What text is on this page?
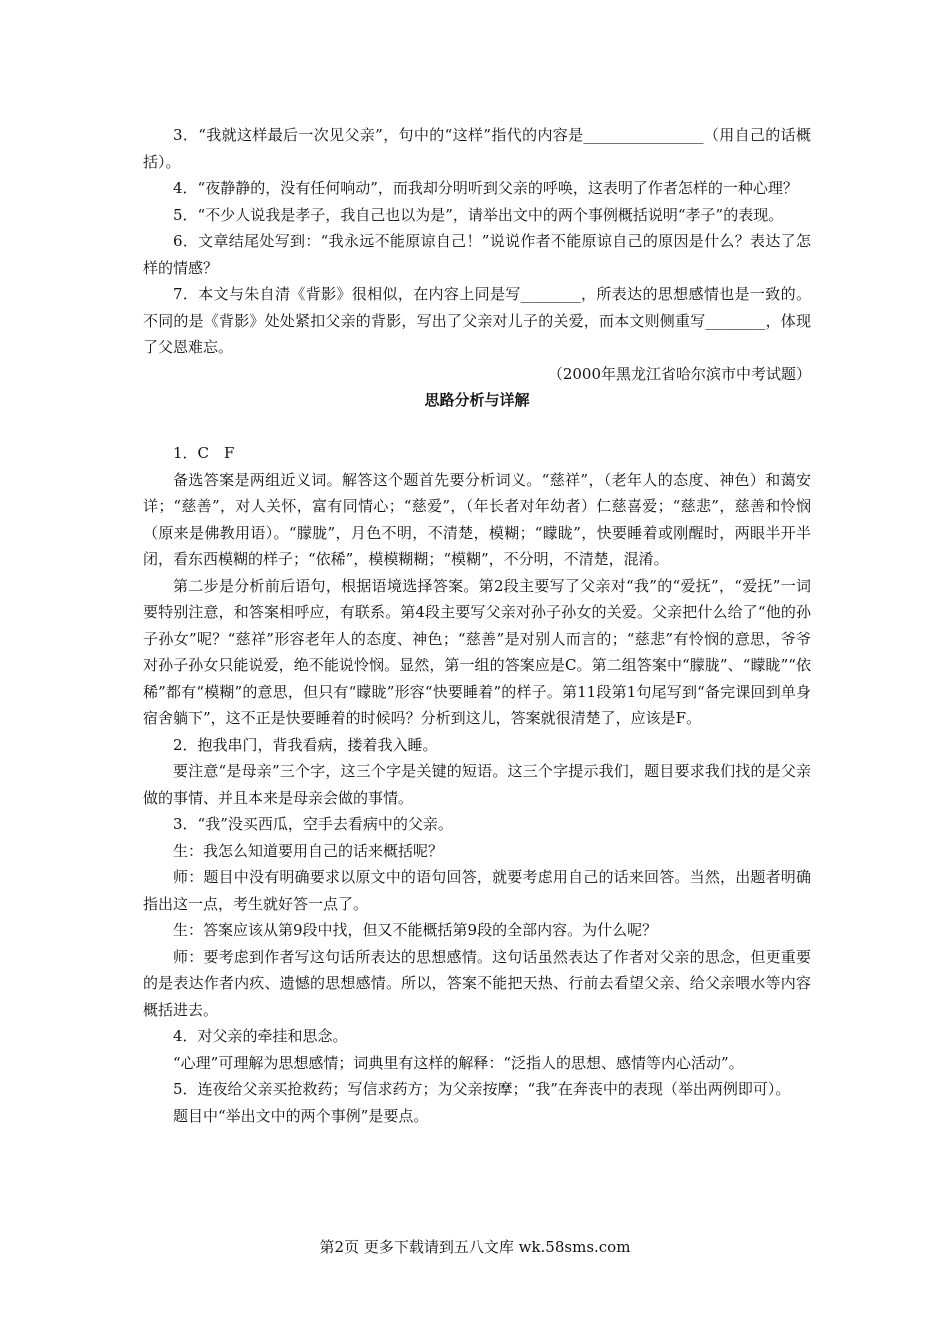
3．“我就这样最后一次见父亲”，句中的“这样”指代的内容是________________（用自己的话概括）。

4．“夜静静的，没有任何响动”，而我却分明听到父亲的呼唤，这表明了作者怎样的一种心理？

5．“不少人说我是孝子，我自己也以为是”，请举出文中的两个事例概括说明“孝子”的表现。

6．文章结尾处写到：“我永远不能原谅自己！”说说作者不能原谅自己的原因是什么？表达了怎样的情感？

7．本文与朱自清《背影》很相似，在内容上同是写________，所表达的思想感情也是一致的。不同的是《背影》处处紧扣父亲的背影，写出了父亲对儿子的关爱，而本文则侧重写________，体现了父恩难忘。

（2000年黑龙江省哈尔滨市中考试题）

思路分析与详解

1．C　F

备选答案是两组近义词。解答这个题首先要分析词义。“慈祥”，（老年人的态度、神色）和蔼安详；“慈善”，对人关怀，富有同情心；“慈爱”，（年长者对年幼者）仁慈喜爱；“慈悲”，慈善和怜悯（原来是佛教用语）。“朦胧”，月色不明，不清楚，模糊；“矇眬”，快要睡着或刚醒时，两眼半开半闭，看东西模糊的样子；“依稀”，模模糊糊；“模糊”，不分明，不清楚，混淆。

第二步是分析前后语句，根据语境选择答案。第2段主要写了父亲对“我”的“爱抚”，“爱抚”一词要特别注意，和答案相呼应，有联系。第4段主要写父亲对孙子孙女的关爱。父亲把什么给了“他的孙子孙女”呢？“慈祥”形容老年人的态度、神色；“慈善”是对别人而言的；“慈悲”有怜悯的意思，爷爷对孙子孙女只能说爱，绝不能说怜悯。显然，第一组的答案应是C。第二组答案中“朦胧”、“矇眬”“依稀”都有“模糊”的意思，但只有“矇眬”形容“快要睡着”的样子。第11段第1句尾写到“备完课回到单身宿舍躺下”，这不正是快要睡着的时候吗？分析到这儿，答案就很清楚了，应该是F。

2．抱我串门，背我看病，搂着我入睡。

要注意“是母亲”三个字，这三个字是关键的短语。这三个字提示我们，题目要求我们找的是父亲做的事情、并且本来是母亲会做的事情。

3．“我”没买西瓜，空手去看病中的父亲。

生：我怎么知道要用自己的话来概括呢？

师：题目中没有明确要求以原文中的语句回答，就要考虑用自己的话来回答。当然，出题者明确指出这一点，考生就好答一点了。

生：答案应该从第9段中找，但又不能概括第9段的全部内容。为什么呢？

师：要考虑到作者写这句话所表达的思想感情。这句话虽然表达了作者对父亲的思念，但更重要的是表达作者内疚、遗憾的思想感情。所以，答案不能把天热、行前去看望父亲、给父亲喂水等内容概括进去。

4．对父亲的牵挂和思念。

“心理”可理解为思想感情；词典里有这样的解释：“泛指人的思想、感情等内心活动”。

5．连夜给父亲买抢救药；写信求药方；为父亲按摩；“我”在奔丧中的表现（举出两例即可）。

题目中“举出文中的两个事例”是要点。

第2页 更多下载请到五八文库 wk.58sms.com
